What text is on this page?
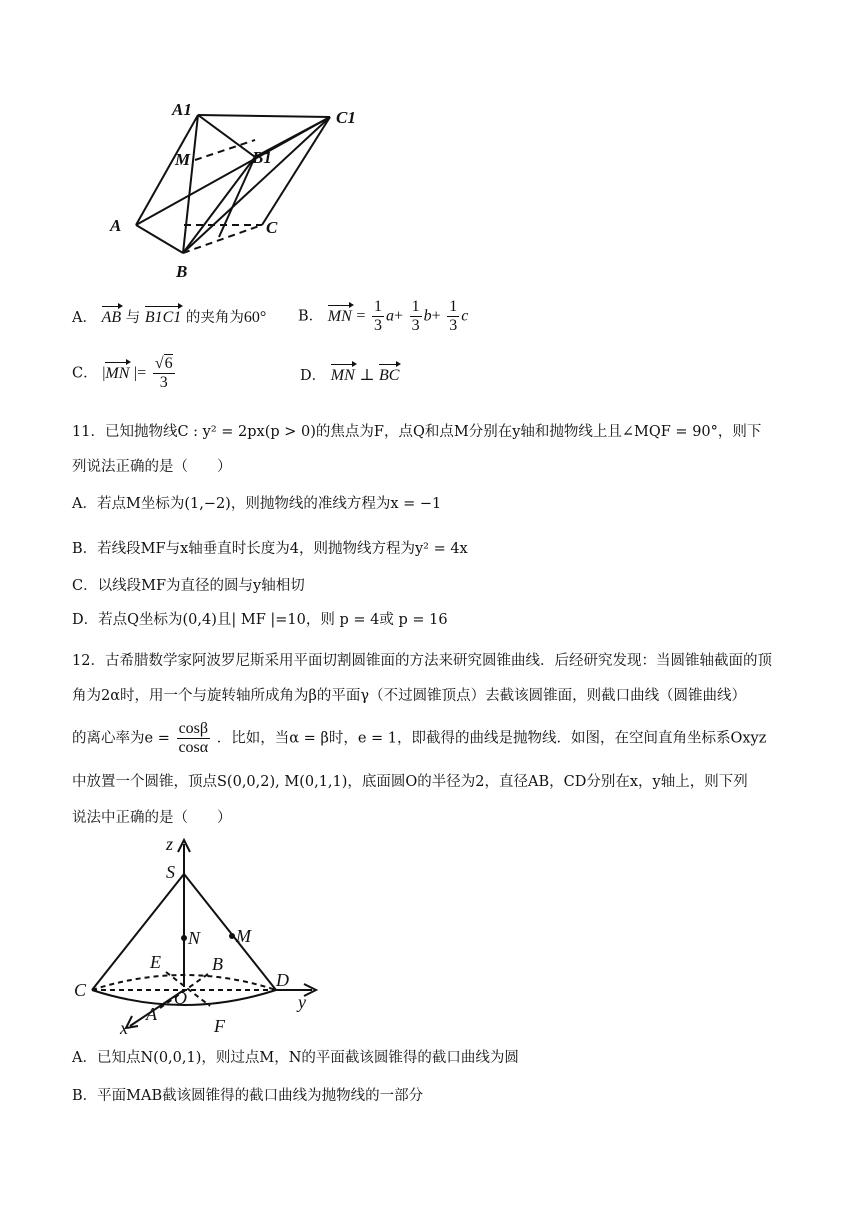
A1	C1
M	B1
A	C
B
A． AB 与 B1C1 的夹角为60° B． MN = $\frac{1}{3} a+ \frac{1}{3} b+ \frac{1}{3}$ c
C． |MN |= $\frac{√6}{3}$	D． MN ⊥ BC
11．已知抛物线C : y² = 2px(p > 0)的焦点为F，点Q和点M分别在y轴和抛物线上且∠MQF = 90°，则下
列说法正确的是（　　）
A．若点M坐标为(1,−2)，则抛物线的准线方程为x = −1
B．若线段MF与x轴垂直时长度为4，则抛物线方程为y² = 4x
C．以线段MF为直径的圆与y轴相切
D．若点Q坐标为(0,4)且| MF |=10，则 p = 4或 p = 16
12．古希腊数学家阿波罗尼斯采用平面切割圆锥面的方法来研究圆锥曲线．后经研究发现：当圆锥轴截面的顶
角为2α时，用一个与旋转轴所成角为β的平面γ（不过圆锥顶点）去截该圆锥面，则截口曲线（圆锥曲线）
的离心率为$e = \frac{\cos\beta}{\cos\alpha}$ ．比如，当α = β时，e = 1，即截得的曲线是抛物线．如图，在空间直角坐标系Oxyz
中放置一个圆锥，顶点S(0,0,2), M(0,1,1)，底面圆O的半径为2，直径AB，CD分别在x，y轴上，则下列
说法中正确的是（　　）
z
S
N M
E	B
C	O
D
y
A
x	F
A．已知点N(0,0,1)，则过点M，N的平面截该圆锥得的截口曲线为圆
B．平面MAB截该圆锥得的截口曲线为抛物线的一部分
